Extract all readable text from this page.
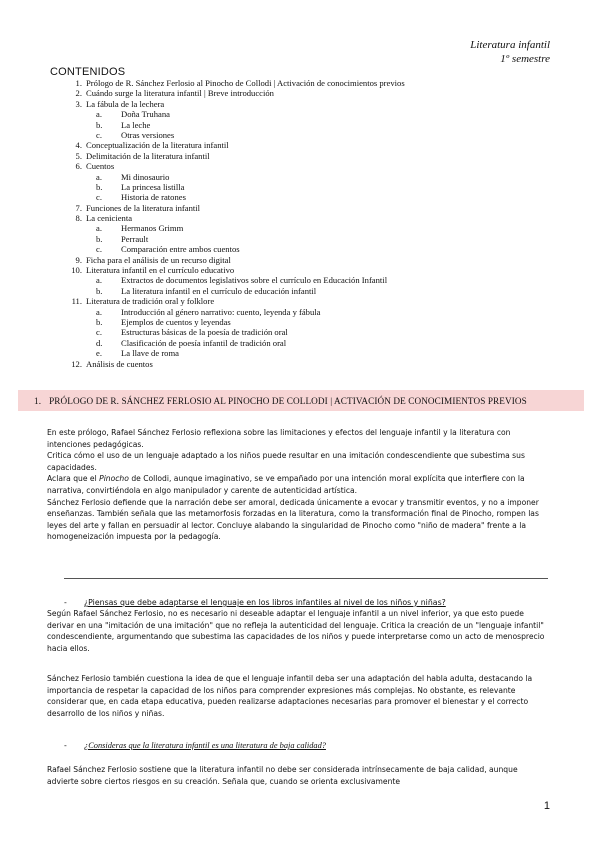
Literatura infantil
1º semestre
CONTENIDOS
1. Prólogo de R. Sánchez Ferlosio al Pinocho de Collodi | Activación de conocimientos previos
2. Cuándo surge la literatura infantil | Breve introducción
3. La fábula de la lechera
a.	Doña Truhana
b.	La leche
c.	Otras versiones
4. Conceptualización de la literatura infantil
5. Delimitación de la literatura infantil
6. Cuentos
a.	Mi dinosaurio
b.	La princesa listilla
c.	Historia de ratones
7. Funciones de la literatura infantil
8. La cenicienta
a.	Hermanos Grimm
b.	Perrault
c.	Comparación entre ambos cuentos
9. Ficha para el análisis de un recurso digital
10. Literatura infantil en el currículo educativo
a.	Extractos de documentos legislativos sobre el currículo en Educación Infantil
b.	La literatura infantil en el currículo de educación infantil
11. Literatura de tradición oral y folklore
a.	Introducción al género narrativo: cuento, leyenda y fábula
b.	Ejemplos de cuentos y leyendas
c.	Estructuras básicas de la poesía de tradición oral
d.	Clasificación de poesía infantil de tradición oral
e.	La llave de roma
12. Análisis de cuentos
1. PRÓLOGO DE R. SÁNCHEZ FERLOSIO AL PINOCHO DE COLLODI | ACTIVACIÓN DE CONOCIMIENTOS PREVIOS

En este prólogo, Rafael Sánchez Ferlosio reflexiona sobre las limitaciones y efectos del lenguaje infantil y la literatura con intenciones pedagógicas.

Critica cómo el uso de un lenguaje adaptado a los niños puede resultar en una imitación condescendiente que subestima sus capacidades.

Aclara que el Pinocho de Collodi, aunque imaginativo, se ve empañado por una intención moral explícita que interfiere con la narrativa, convirtiéndola en algo manipulador y carente de autenticidad artística.

Sánchez Ferlosio defiende que la narración debe ser amoral, dedicada únicamente a evocar y transmitir eventos, y no a imponer enseñanzas. También señala que las metamorfosis forzadas en la literatura, como la transformación final de Pinocho, rompen las leyes del arte y fallan en persuadir al lector. Concluye alabando la singularidad de Pinocho como "niño de madera" frente a la homogeneización impuesta por la pedagogía.

- ¿Piensas que debe adaptarse el lenguaje en los libros infantiles al nivel de los niños y niñas?
Según Rafael Sánchez Ferlosio, no es necesario ni deseable adaptar el lenguaje infantil a un nivel inferior, ya que esto puede derivar en una "imitación de una imitación" que no refleja la autenticidad del lenguaje. Critica la creación de un "lenguaje infantil" condescendiente, argumentando que subestima las capacidades de los niños y puede interpretarse como un acto de menosprecio hacia ellos.
Sánchez Ferlosio también cuestiona la idea de que el lenguaje infantil deba ser una adaptación del habla adulta, destacando la importancia de respetar la capacidad de los niños para comprender expresiones más complejas. No obstante, es relevante considerar que, en cada etapa educativa, pueden realizarse adaptaciones necesarias para promover el bienestar y el correcto desarrollo de los niños y niñas.
- ¿Consideras que la literatura infantil es una literatura de baja calidad?
Rafael Sánchez Ferlosio sostiene que la literatura infantil no debe ser considerada intrínsecamente de baja calidad, aunque advierte sobre ciertos riesgos en su creación. Señala que, cuando se orienta exclusivamente
1
